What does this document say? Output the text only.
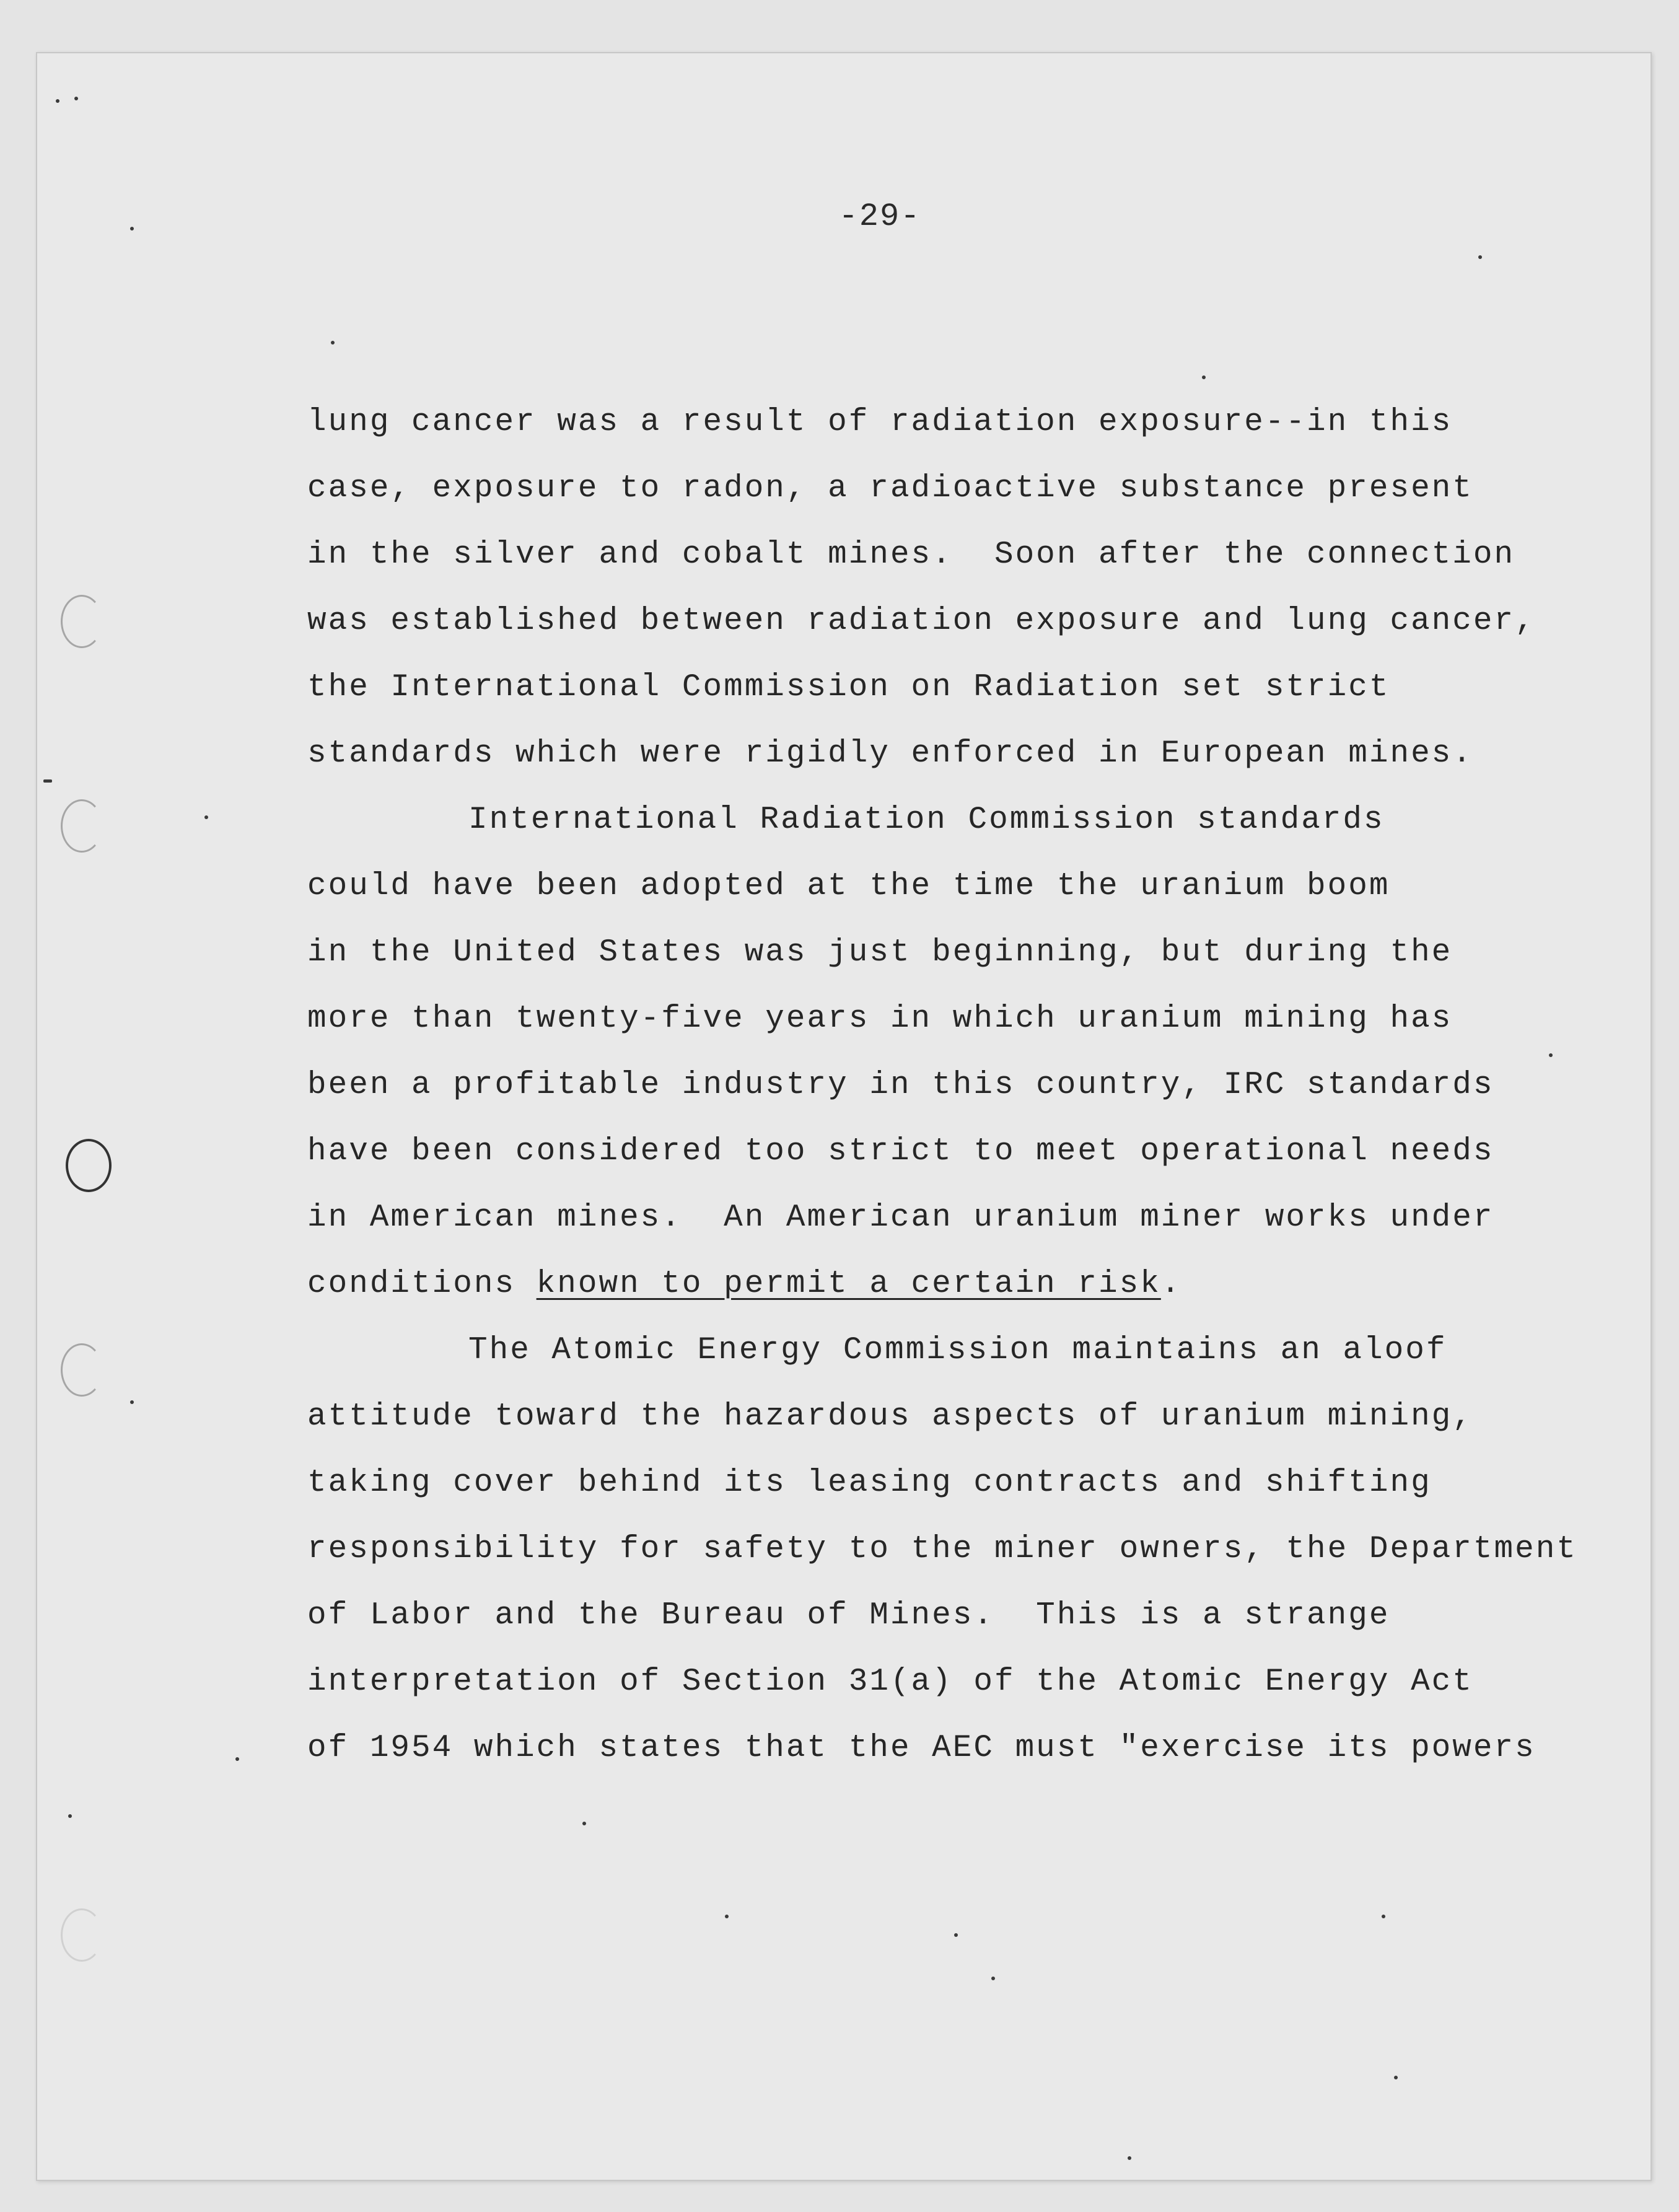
-29-
lung cancer was a result of radiation exposure--in this
case, exposure to radon, a radioactive substance present
in the silver and cobalt mines.  Soon after the connection
was established between radiation exposure and lung cancer,
the International Commission on Radiation set strict
standards which were rigidly enforced in European mines.
International Radiation Commission standards
could have been adopted at the time the uranium boom
in the United States was just beginning, but during the
more than twenty-five years in which uranium mining has
been a profitable industry in this country, IRC standards
have been considered too strict to meet operational needs
in American mines.  An American uranium miner works under
conditions known to permit a certain risk.
The Atomic Energy Commission maintains an aloof
attitude toward the hazardous aspects of uranium mining,
taking cover behind its leasing contracts and shifting
responsibility for safety to the miner owners, the Department
of Labor and the Bureau of Mines.  This is a strange
interpretation of Section 31(a) of the Atomic Energy Act
of 1954 which states that the AEC must "exercise its powers
